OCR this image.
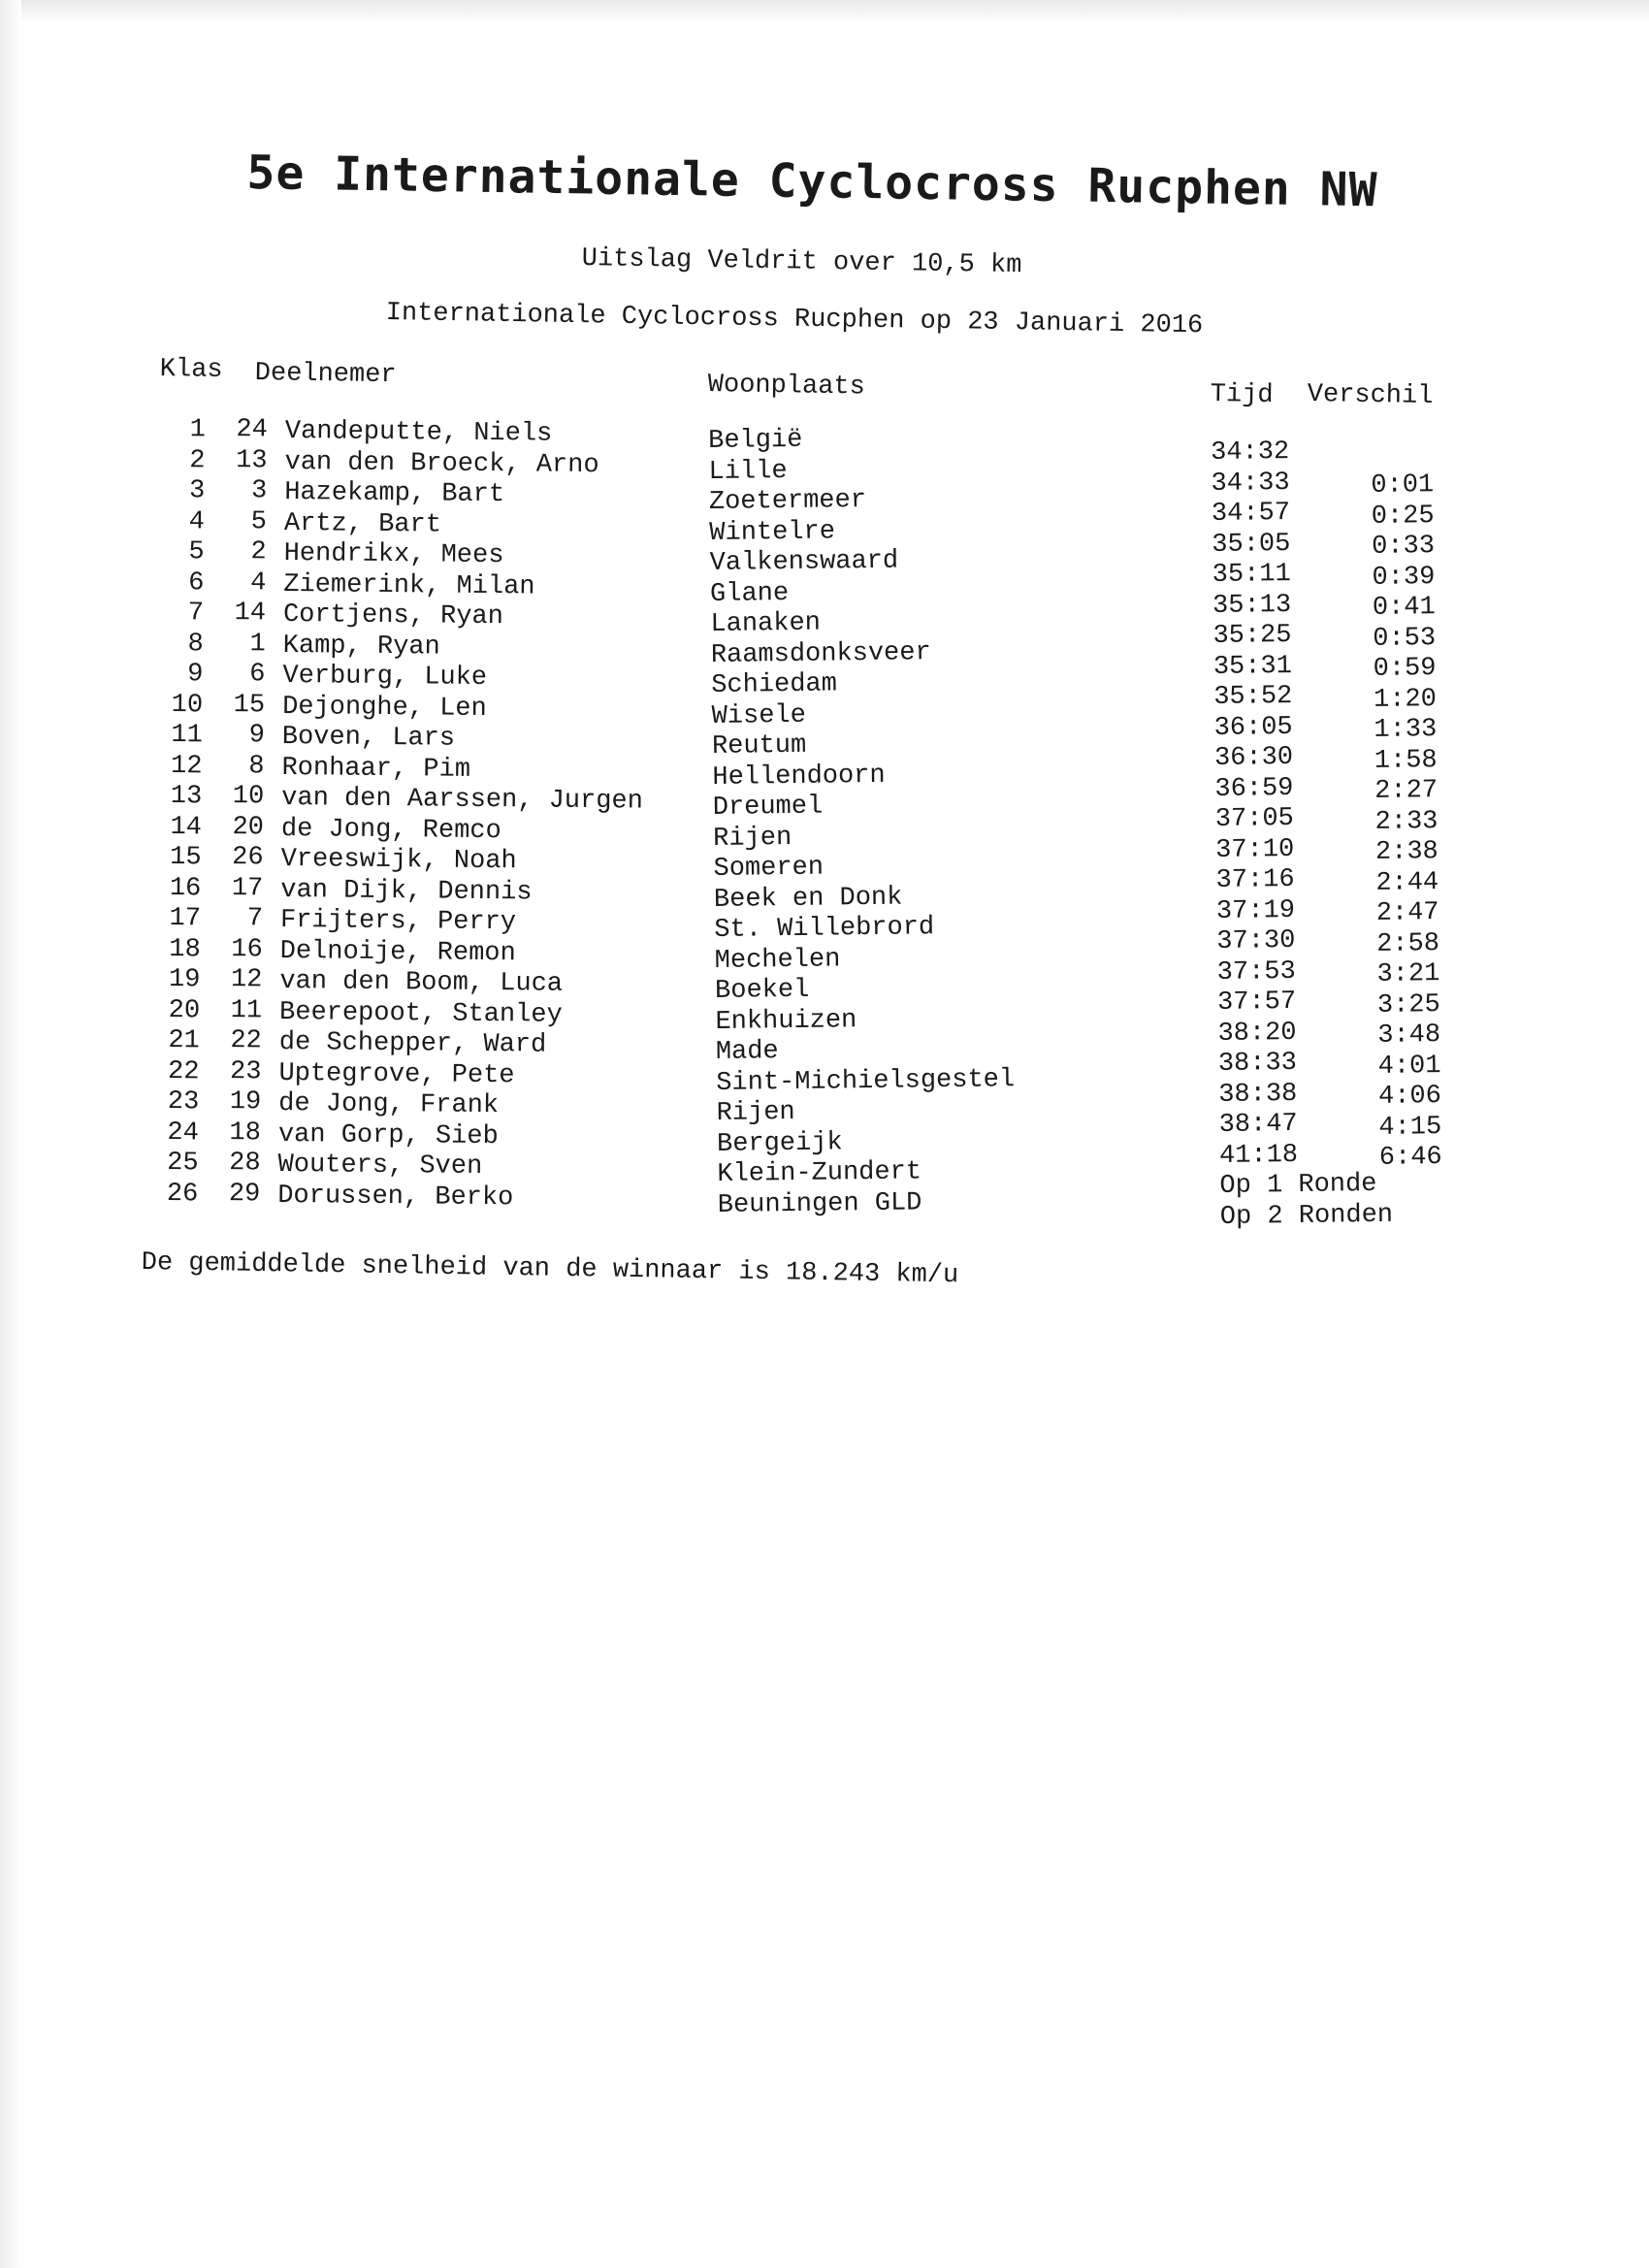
5e Internationale Cyclocross Rucphen NW
Uitslag Veldrit over 10,5 km
Internationale Cyclocross Rucphen op 23 Januari 2016
Klas Deelnemer	Woonplaats	Tijd Verschil
1
2
3
4
5
6
7
8
9
10
11
12
13
14
15
16
17
18
19
20
21
22
23
24
25
26
24
13
3
5
2
4
14
1
6
15
9
8
10
20
26
17
7
16
12
11
22
23
19
18
28
29
Vandeputte, Niels
van den Broeck, Arno
Hazekamp, Bart
Artz, Bart
Hendrikx, Mees
Ziemerink, Milan
Cortjens, Ryan
Kamp, Ryan
Verburg, Luke
Dejonghe, Len
Boven, Lars
Ronhaar, Pim
van den Aarssen, Jurgen
de Jong, Remco
Vreeswijk, Noah
van Dijk, Dennis
Frijters, Perry
Delnoije, Remon
van den Boom, Luca
Beerepoot, Stanley
de Schepper, Ward
Uptegrove, Pete
de Jong, Frank
van Gorp, Sieb
Wouters, Sven
Dorussen, Berko
België
Lille
Zoetermeer
Wintelre
Valkenswaard
Glane
Lanaken
Raamsdonksveer
Schiedam
Wisele
Reutum
Hellendoorn
Dreumel
Rijen
Someren
Beek en Donk
St. Willebrord
Mechelen
Boekel
Enkhuizen
Made
Sint-Michielsgestel
Rijen
Bergeijk
Klein-Zundert
Beuningen GLD
34:32
34:33
34:57
35:05
35:11
35:13
35:25
35:31
35:52
36:05
36:30
36:59
37:05
37:10
37:16
37:19
37:30
37:53
37:57
38:20
38:33
38:38
38:47
41:18
Op 1 Ronde
Op 2 Ronden
0:01
0:25
0:33
0:39
0:41
0:53
0:59
1:20
1:33
1:58
2:27
2:33
2:38
2:44
2:47
2:58
3:21
3:25
3:48
4:01
4:06
4:15
6:46
De gemiddelde snelheid van de winnaar is 18.243 km/u
